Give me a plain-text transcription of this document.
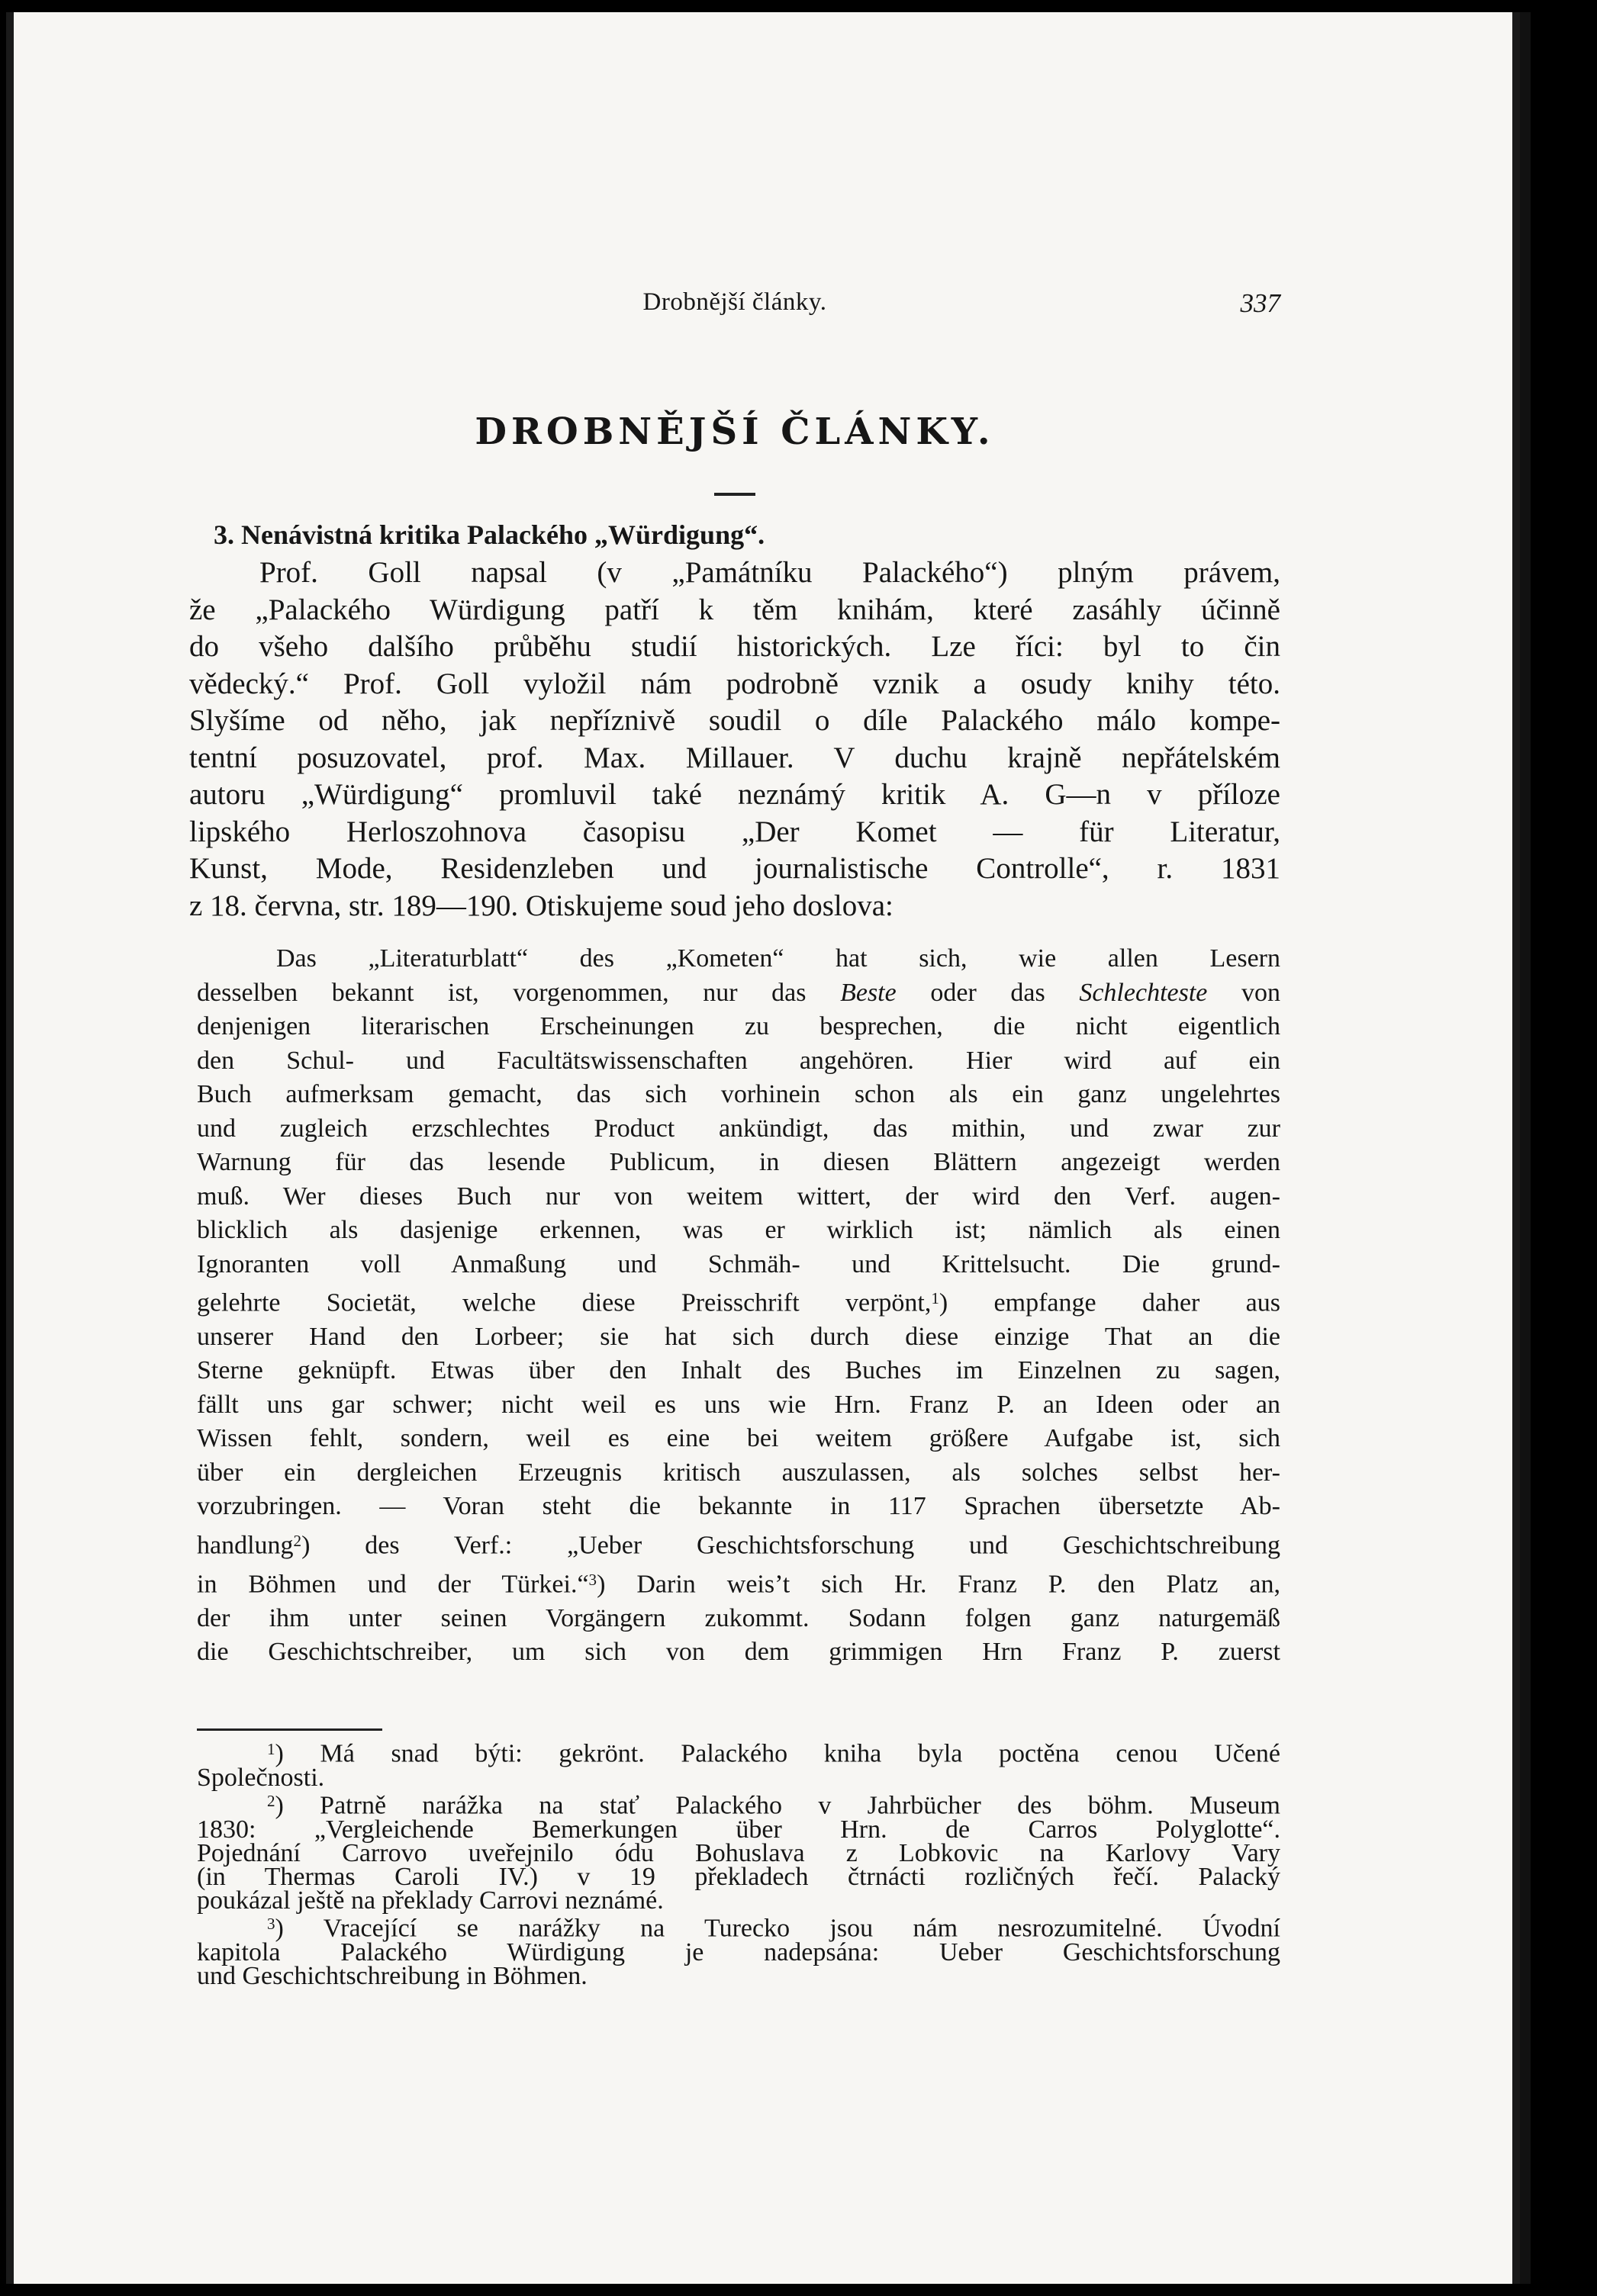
Drobnější články.	337
DROBNĚJŠÍ ČLÁNKY.
3. Nenávistná kritika Palackého „Würdigung“.
Prof. Goll napsal (v „Památníku Palackého“) plným právem,
že „Palackého Würdigung patří k těm knihám, které zasáhly účinně
do všeho dalšího průběhu studií historických. Lze říci: byl to čin
vědecký.“ Prof. Goll vyložil nám podrobně vznik a osudy knihy této.
Slyšíme od něho, jak nepříznivě soudil o díle Palackého málo kompe-
tentní posuzovatel, prof. Max. Millauer. V duchu krajně nepřátelském
autoru „Würdigung“ promluvil také neznámý kritik A. G—n v příloze
lipského Herloszohnova časopisu „Der Komet — für Literatur,
Kunst, Mode, Residenzleben und journalistische Controlle“, r. 1831
z 18. června, str. 189—190. Otiskujeme soud jeho doslova:
Das „Literaturblatt“ des „Kometen“ hat sich, wie allen Lesern
desselben bekannt ist, vorgenommen, nur das Beste oder das Schlechteste von
denjenigen literarischen Erscheinungen zu besprechen, die nicht eigentlich
den Schul- und Facultätswissenschaften angehören. Hier wird auf ein
Buch aufmerksam gemacht, das sich vorhinein schon als ein ganz ungelehrtes
und zugleich erzschlechtes Product ankündigt, das mithin, und zwar zur
Warnung für das lesende Publicum, in diesen Blättern angezeigt werden
muß. Wer dieses Buch nur von weitem wittert, der wird den Verf. augen-
blicklich als dasjenige erkennen, was er wirklich ist; nämlich als einen
Ignoranten voll Anmaßung und Schmäh- und Krittelsucht. Die grund-
gelehrte Societät, welche diese Preisschrift verpönt,$^1$) empfange daher aus
unserer Hand den Lorbeer; sie hat sich durch diese einzige That an die
Sterne geknüpft. Etwas über den Inhalt des Buches im Einzelnen zu sagen,
fällt uns gar schwer; nicht weil es uns wie Hrn. Franz P. an Ideen oder an
Wissen fehlt, sondern, weil es eine bei weitem größere Aufgabe ist, sich
über ein dergleichen Erzeugnis kritisch auszulassen, als solches selbst her-
vorzubringen. — Voran steht die bekannte in 117 Sprachen übersetzte Ab-
handlung$^2$) des Verf.: „Ueber Geschichtsforschung und Geschichtschreibung
in Böhmen und der Türkei.“$^3$) Darin weis’t sich Hr. Franz P. den Platz an,
der ihm unter seinen Vorgängern zukommt. Sodann folgen ganz naturgemäß
die Geschichtschreiber, um sich von dem grimmigen Hrn Franz P. zuerst
$^1$) Má snad býti: gekrönt. Palackého kniha byla poctěna cenou Učené
Společnosti.
$^2$) Patrně narážka na stať Palackého v Jahrbücher des böhm. Museum
1830: „Vergleichende Bemerkungen über Hrn. de Carros Polyglotte“.
Pojednání Carrovo uveřejnilo ódu Bohuslava z Lobkovic na Karlovy Vary
(in Thermas Caroli IV.) v 19 překladech čtrnácti rozličných řečí. Palacký
poukázal ještě na překlady Carrovi neznámé.
$^3$) Vracející se narážky na Turecko jsou nám nesrozumitelné. Úvodní
kapitola Palackého Würdigung je nadepsána: Ueber Geschichtsforschung
und Geschichtschreibung in Böhmen.
